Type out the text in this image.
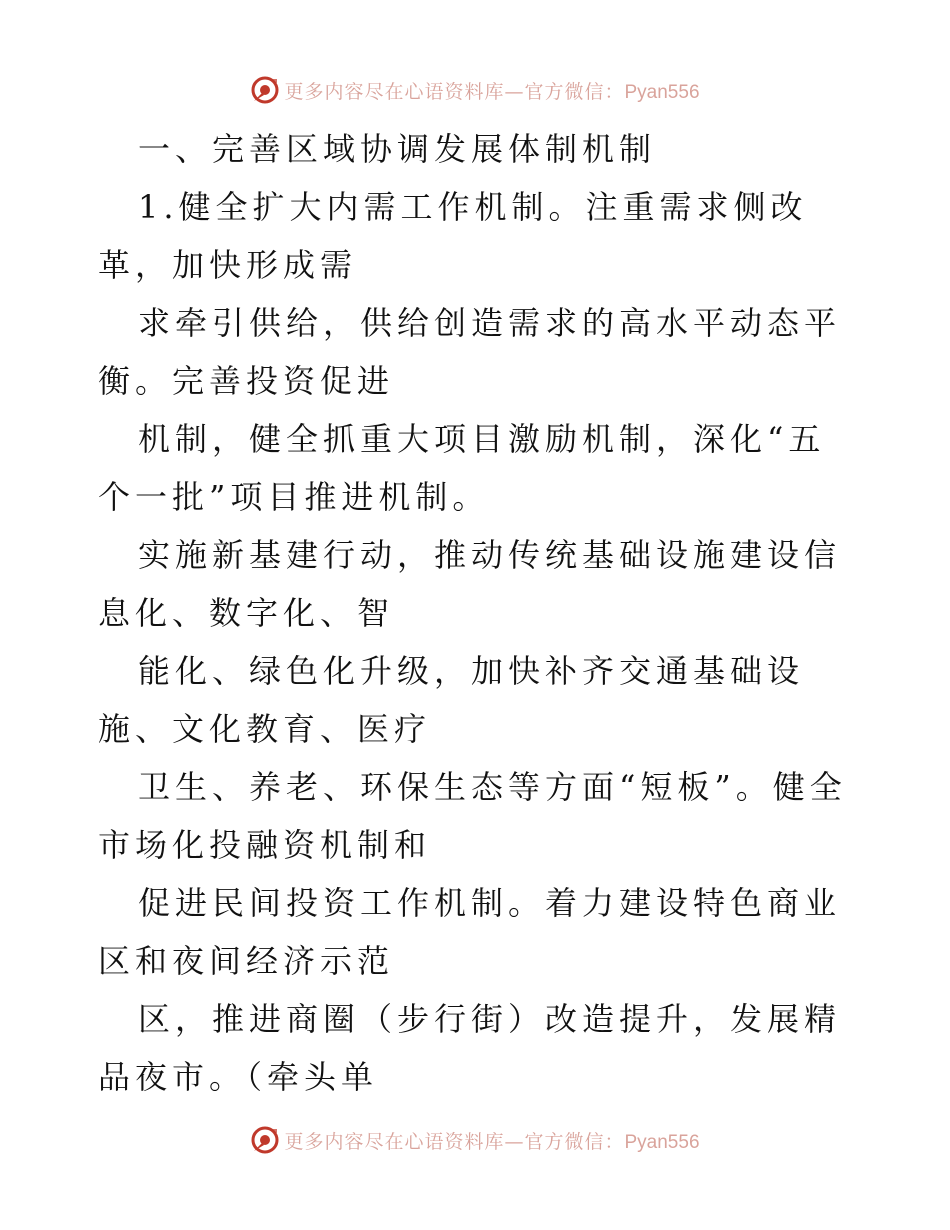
更多内容尽在心语资料库—官方微信：Pyan556

一、完善区域协调发展体制机制

1.健全扩大内需工作机制。注重需求侧改革，加快形成需

求牵引供给，供给创造需求的高水平动态平衡。完善投资促进

机制，健全抓重大项目激励机制，深化“五个一批”项目推进机制。

实施新基建行动，推动传统基础设施建设信息化、数字化、智

能化、绿色化升级，加快补齐交通基础设施、文化教育、医疗

卫生、养老、环保生态等方面“短板”。健全市场化投融资机制和

促进民间投资工作机制。着力建设特色商业区和夜间经济示范

区，推进商圈（步行街）改造提升，发展精品夜市。（牵头单

更多内容尽在心语资料库—官方微信：Pyan556
